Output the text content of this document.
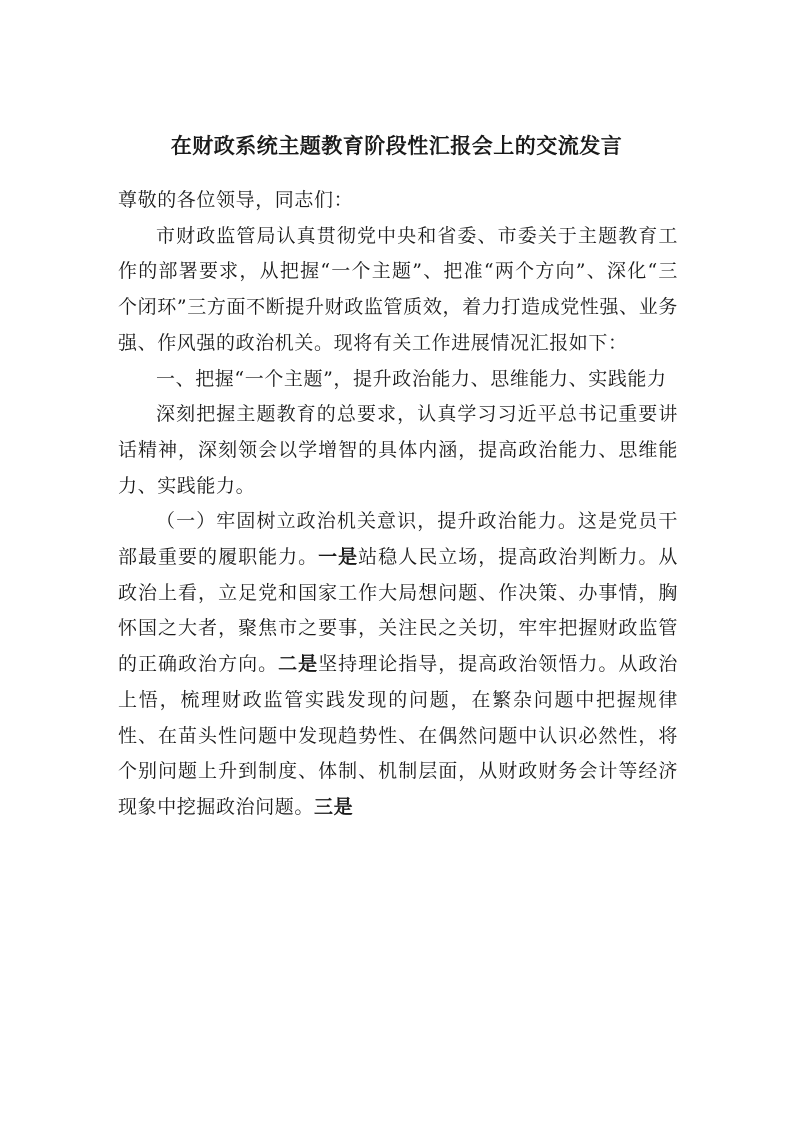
在财政系统主题教育阶段性汇报会上的交流发言

尊敬的各位领导，同志们：

市财政监管局认真贯彻党中央和省委、市委关于主题教育工作的部署要求，从把握“一个主题”、把准“两个方向”、深化“三个闭环”三方面不断提升财政监管质效，着力打造成党性强、业务强、作风强的政治机关。现将有关工作进展情况汇报如下：

一、把握“一个主题”，提升政治能力、思维能力、实践能力

深刻把握主题教育的总要求，认真学习习近平总书记重要讲话精神，深刻领会以学增智的具体内涵，提高政治能力、思维能力、实践能力。

（一）牢固树立政治机关意识，提升政治能力。这是党员干部最重要的履职能力。一是站稳人民立场，提高政治判断力。从政治上看，立足党和国家工作大局想问题、作决策、办事情，胸怀国之大者，聚焦市之要事，关注民之关切，牢牢把握财政监管的正确政治方向。二是坚持理论指导，提高政治领悟力。从政治上悟，梳理财政监管实践发现的问题，在繁杂问题中把握规律性、在苗头性问题中发现趋势性、在偶然问题中认识必然性，将个别问题上升到制度、体制、机制层面，从财政财务会计等经济现象中挖掘政治问题。三是
